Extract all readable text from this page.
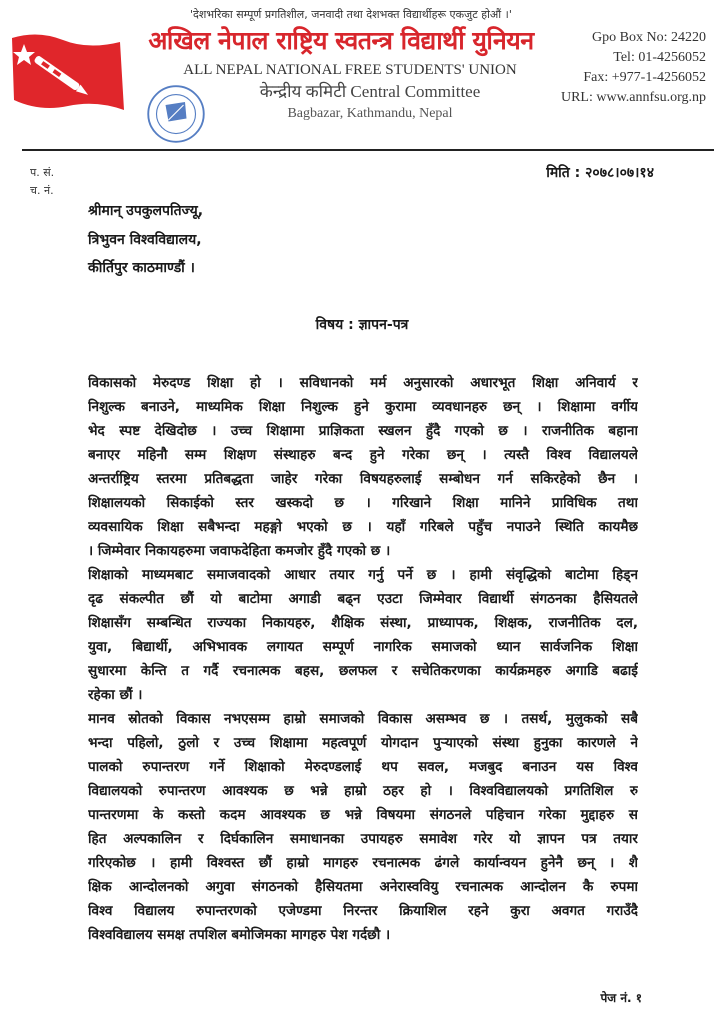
'देशभरिका सम्पूर्ण प्रगतिशील, जनवादी तथा देशभक्त विद्यार्थीहरू एकजुट होऔं ।'
अखिल नेपाल राष्ट्रिय स्वतन्त्र विद्यार्थी युनियन
ALL NEPAL NATIONAL FREE STUDENTS' UNION
केन्द्रीय कमिटी Central Committee
Bagbazar, Kathmandu, Nepal
Gpo Box No: 24220
Tel: 01-4256052
Fax: +977-1-4256052
URL: www.annfsu.org.np
प. सं.
च. नं.
मिति : २०७८।०७।१४
श्रीमान् उपकुलपतिज्यू,
त्रिभुवन विश्वविद्यालय,
कीर्तिपुर काठमाण्डौं ।
विषय : ज्ञापन-पत्र
विकासको मेरुदण्ड शिक्षा हो । सविधानको मर्म अनुसारको अधारभूत शिक्षा अनिवार्य र
निशुल्क बनाउने, माध्यमिक शिक्षा निशुल्क हुने कुरामा व्यवधानहरु छन् । शिक्षामा वर्गीय
भेद स्पष्ट देखिदोछ । उच्च शिक्षामा प्राज्ञिकता स्खलन हुँदै गएको छ । राजनीतिक बहाना
बनाएर महिनौ सम्म शिक्षण संस्थाहरु बन्द हुने गरेका छन् । त्यस्तै विश्व विद्यालयले
अन्तर्राष्ट्रिय स्तरमा प्रतिबद्धता जाहेर गरेका विषयहरुलाई सम्बोधन गर्न सकिरहेको छैन ।
शिक्षालयको सिकाईको स्तर खस्कदो छ । गरिखाने शिक्षा मानिने प्राविधिक तथा
व्यवसायिक शिक्षा सबैभन्दा महङ्गो भएको छ । यहाँ गरिबले पहुँच नपाउने स्थिति कायमैछ
। जिम्मेवार निकायहरुमा जवाफदेहिता कमजोर हुँदै गएको छ ।
शिक्षाको माध्यमबाट समाजवादको आधार तयार गर्नु पर्ने छ । हामी संवृद्धिको बाटोमा हिड्न
दृढ संकल्पीत छौं यो बाटोमा अगाडी बढ्न एउटा जिम्मेवार विद्यार्थी संगठनका हैसियतले
शिक्षासँग सम्बन्धित राज्यका निकायहरु, शैक्षिक संस्था, प्राध्यापक, शिक्षक, राजनीतिक दल,
युवा, बिद्यार्थी, अभिभावक लगायत सम्पूर्ण नागरिक समाजको ध्यान सार्वजनिक शिक्षा
सुधारमा केन्ति त गर्दै रचनात्मक बहस, छलफल र सचेतिकरणका कार्यक्रमहरु अगाडि बढाई
रहेका छौं ।
मानव स्रोतको विकास नभएसम्म हाम्रो समाजको विकास असम्भव छ । तसर्थ, मुलुकको सबै
भन्दा पहिलो, ठुलो र उच्च शिक्षामा महत्वपूर्ण योगदान पुर्‍याएको संस्था हुनुका कारणले ने
पालको रुपान्तरण गर्ने शिक्षाको मेरुदण्डलाई थप सवल, मजबुद बनाउन यस विश्व
विद्यालयको रुपान्तरण आवश्यक छ भन्ने हाम्रो ठहर हो । विश्वविद्यालयको प्रगतिशिल रु
पान्तरणमा के कस्तो कदम आवश्यक छ भन्ने विषयमा संगठनले पहिचान गरेका मुद्दाहरु स
हित अल्पकालिन र दिर्घकालिन समाधानका उपायहरु समावेश गरेर यो ज्ञापन पत्र तयार
गरिएकोछ । हामी विश्वस्त छौं हाम्रो मागहरु रचनात्मक ढंगले कार्यान्वयन हुनेनै छन् । शै
क्षिक आन्दोलनको अगुवा संगठनको हैसियतमा अनेरास्ववियु रचनात्मक आन्दोलन कै रुपमा
विश्व विद्यालय रुपान्तरणको एजेण्डमा निरन्तर क्रियाशिल रहने कुरा अवगत गराउँदै
विश्वविद्यालय समक्ष तपशिल बमोजिमका मागहरु पेश गर्दछौ ।
पेज नं. १
